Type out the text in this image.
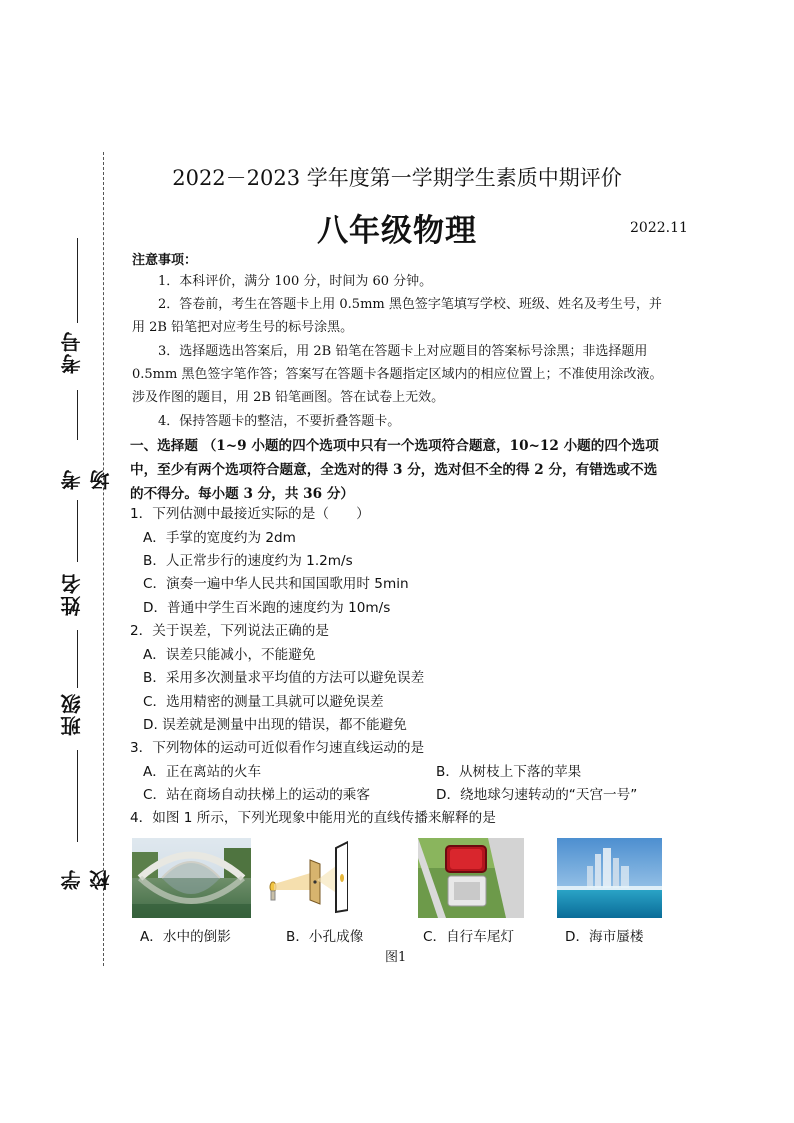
考号
考场
姓名
班级
学校
2022－2023 学年度第一学期学生素质中期评价
八年级物理	2022.11
注意事项：
1．本科评价，满分 100 分，时间为 60 分钟。
2．答卷前，考生在答题卡上用 0.5mm 黑色签字笔填写学校、班级、姓名及考生号，并用 2B 铅笔把对应考生号的标号涂黑。
3．选择题选出答案后，用 2B 铅笔在答题卡上对应题目的答案标号涂黑；非选择题用 0.5mm 黑色签字笔作答；答案写在答题卡各题指定区域内的相应位置上；不准使用涂改液。涉及作图的题目，用 2B 铅笔画图。答在试卷上无效。
4．保持答题卡的整洁，不要折叠答题卡。
一、选择题 （1~9 小题的四个选项中只有一个选项符合题意，10~12 小题的四个选项中，至少有两个选项符合题意，全选对的得 3 分，选对但不全的得 2 分，有错选或不选的不得分。每小题 3 分，共 36 分）
1．下列估测中最接近实际的是（　　）
A．手掌的宽度约为 2dm
B．人正常步行的速度约为 1.2m/s
C．演奏一遍中华人民共和国国歌用时 5min
D．普通中学生百米跑的速度约为 10m/s
2．关于误差，下列说法正确的是
A．误差只能减小，不能避免
B．采用多次测量求平均值的方法可以避免误差
C．选用精密的测量工具就可以避免误差
D. 误差就是测量中出现的错误，都不能避免
3．下列物体的运动可近似看作匀速直线运动的是
A．正在离站的火车	B．从树枝上下落的苹果
C．站在商场自动扶梯上的运动的乘客	D．绕地球匀速转动的“天宫一号”
4．如图 1 所示，下列光现象中能用光的直线传播来解释的是
A．水中的倒影	B．小孔成像	C．自行车尾灯	D．海市蜃楼
图1
